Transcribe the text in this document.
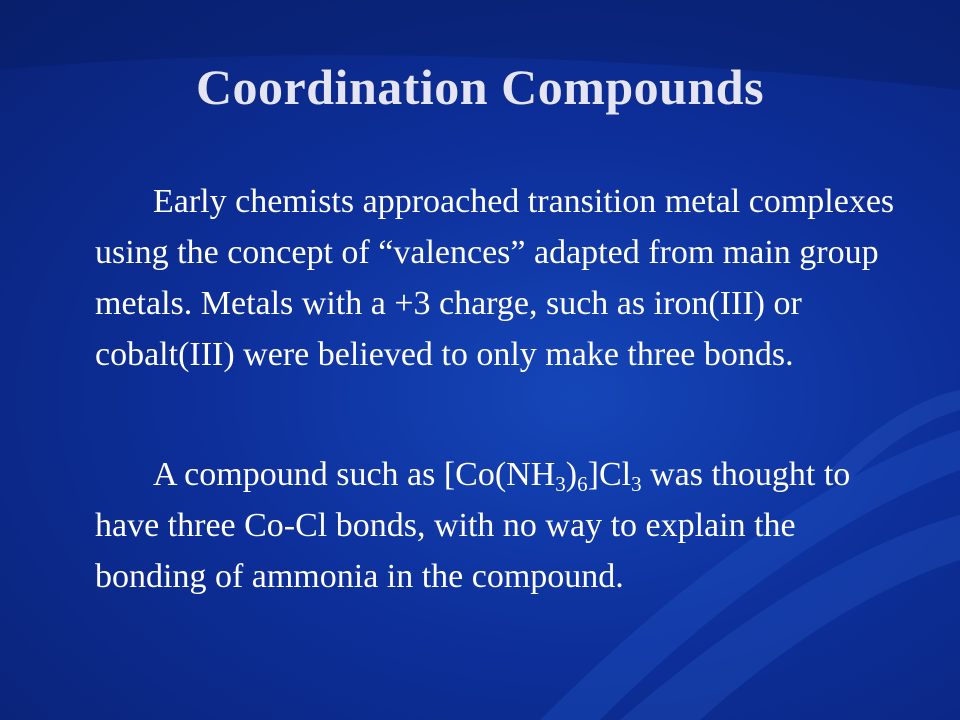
Coordination Compounds

Early chemists approached transition metal complexes using the concept of “valences” adapted from main group metals. Metals with a +3 charge, such as iron(III) or cobalt(III) were believed to only make three bonds.

A compound such as $[Co(NH_3)_6]Cl_3$ was thought to have three Co-Cl bonds, with no way to explain the bonding of ammonia in the compound.
